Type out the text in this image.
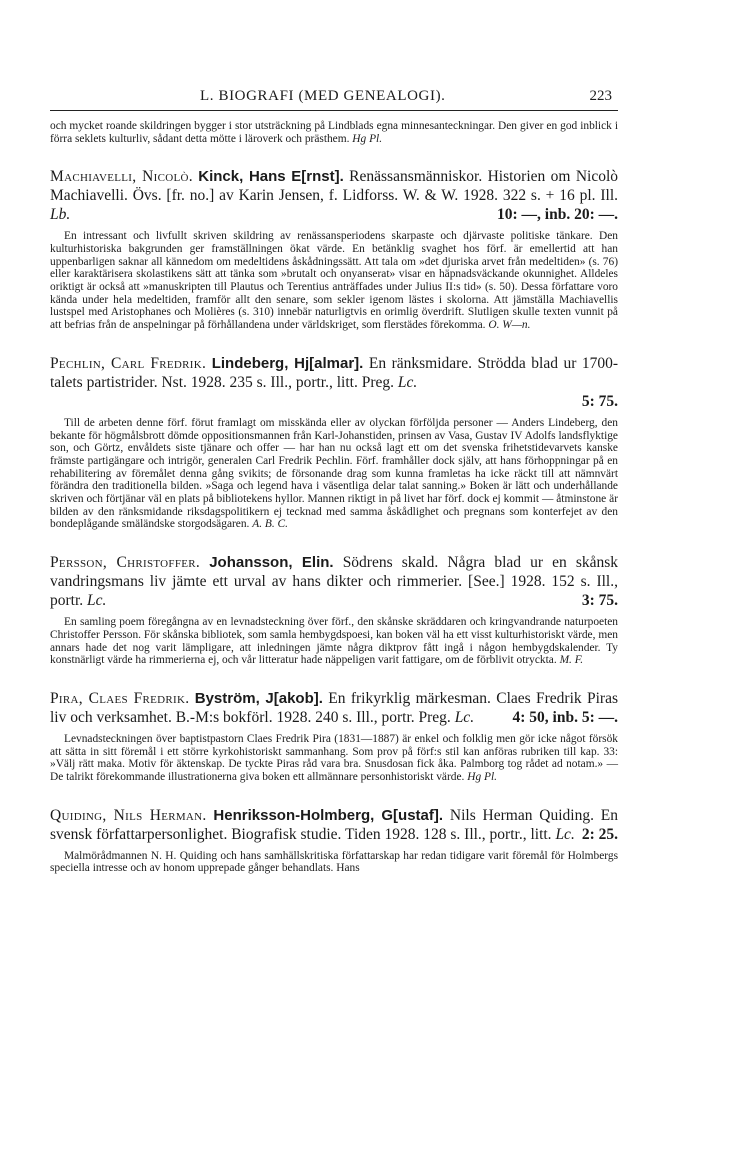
L. BIOGRAFI (MED GENEALOGI).	223
och mycket roande skildringen bygger i stor utsträckning på Lindblads egna minnesanteckningar. Den giver en god inblick i förra seklets kulturliv, sådant detta mötte i läroverk och prästhem. Hg Pl.
Machiavelli, Nicolò. Kinck, Hans E[rnst]. Renässansmänniskor. Historien om Nicolò Machiavelli. Övs. [fr. no.] av Karin Jensen, f. Lidforss. W. & W. 1928. 322 s. + 16 pl. Ill. Lb.	10: —, inb. 20: —.
En intressant och livfullt skriven skildring av renässansperiodens skarpaste och djärvaste politiske tänkare. Den kulturhistoriska bakgrunden ger framställningen ökat värde. En betänklig svaghet hos förf. är emellertid att han uppenbarligen saknar all kännedom om medeltidens åskådningssätt. Att tala om »det djuriska arvet från medeltiden» (s. 76) eller karaktärisera skolastikens sätt att tänka som »brutalt och onyanserat» visar en häpnadsväckande okunnighet. Alldeles oriktigt är också att »manuskripten till Plautus och Terentius anträffades under Julius II:s tid» (s. 50). Dessa författare voro kända under hela medeltiden, framför allt den senare, som sekler igenom lästes i skolorna. Att jämställa Machiavellis lustspel med Aristophanes och Molières (s. 310) innebär naturligtvis en orimlig överdrift. Slutligen skulle texten vunnit på att befrias från de anspelningar på förhållandena under världskriget, som flerstädes förekomma. O. W—n.
Pechlin, Carl Fredrik. Lindeberg, Hj[almar]. En ränksmidare. Strödda blad ur 1700-talets partistrider. Nst. 1928. 235 s. Ill., portr., litt. Preg. Lc.
5: 75.
Till de arbeten denne förf. förut framlagt om misskända eller av olyckan förföljda personer — Anders Lindeberg, den bekante för högmålsbrott dömde oppositionsmannen från Karl-Johanstiden, prinsen av Vasa, Gustav IV Adolfs landsflyktige son, och Görtz, envåldets siste tjänare och offer — har han nu också lagt ett om det svenska frihetstidevarvets kanske främste partigängare och intrigör, generalen Carl Fredrik Pechlin. Förf. framhåller dock själv, att hans förhoppningar på en rehabilitering av föremålet denna gång svikits; de försonande drag som kunna framletas ha icke räckt till att nämnvärt förändra den traditionella bilden. »Saga och legend hava i väsentliga delar talat sanning.» Boken är lätt och underhållande skriven och förtjänar väl en plats på bibliotekens hyllor. Mannen riktigt in på livet har förf. dock ej kommit — åtminstone är bilden av den ränksmidande riksdagspolitikern ej tecknad med samma åskådlighet och pregnans som konterfejet av den bondeplågande smäländske storgodsägaren. A. B. C.
Persson, Christoffer. Johansson, Elin. Södrens skald. Några blad ur en skånsk vandringsmans liv jämte ett urval av hans dikter och rimmerier. [See.] 1928. 152 s. Ill., portr. Lc.	3: 75.
En samling poem föregångna av en levnadsteckning över förf., den skånske skräddaren och kringvandrande naturpoeten Christoffer Persson. För skånska bibliotek, som samla hembygdspoesi, kan boken väl ha ett visst kulturhistoriskt värde, men annars hade det nog varit lämpligare, att inledningen jämte några diktprov fått ingå i någon hembygdskalender. Ty konstnärligt värde ha rimmerierna ej, och vår litteratur hade näppeligen varit fattigare, om de förblivit otryckta. M. F.
Pira, Claes Fredrik. Byström, J[akob]. En frikyrklig märkesman. Claes Fredrik Piras liv och verksamhet. B.-M:s bokförl. 1928. 240 s. Ill., portr. Preg. Lc. 4: 50, inb. 5: —.
Levnadsteckningen över baptistpastorn Claes Fredrik Pira (1831—1887) är enkel och folklig men gör icke något försök att sätta in sitt föremål i ett större kyrkohistoriskt sammanhang. Som prov på förf:s stil kan anföras rubriken till kap. 33: »Välj rätt maka. Motiv för äktenskap. De tyckte Piras råd vara bra. Snusdosan fick åka. Palmborg tog rådet ad notam.» — De talrikt förekommande illustrationerna giva boken ett allmännare personhistoriskt värde. Hg Pl.
Quiding, Nils Herman. Henriksson-Holmberg, G[ustaf]. Nils Herman Quiding. En svensk författarpersonlighet. Biografisk studie. Tiden 1928. 128 s. Ill., portr., litt. Lc. 2: 25.
Malmörådmannen N. H. Quiding och hans samhällskritiska författarskap har redan tidigare varit föremål för Holmbergs speciella intresse och av honom upprepade gånger behandlats. Hans
